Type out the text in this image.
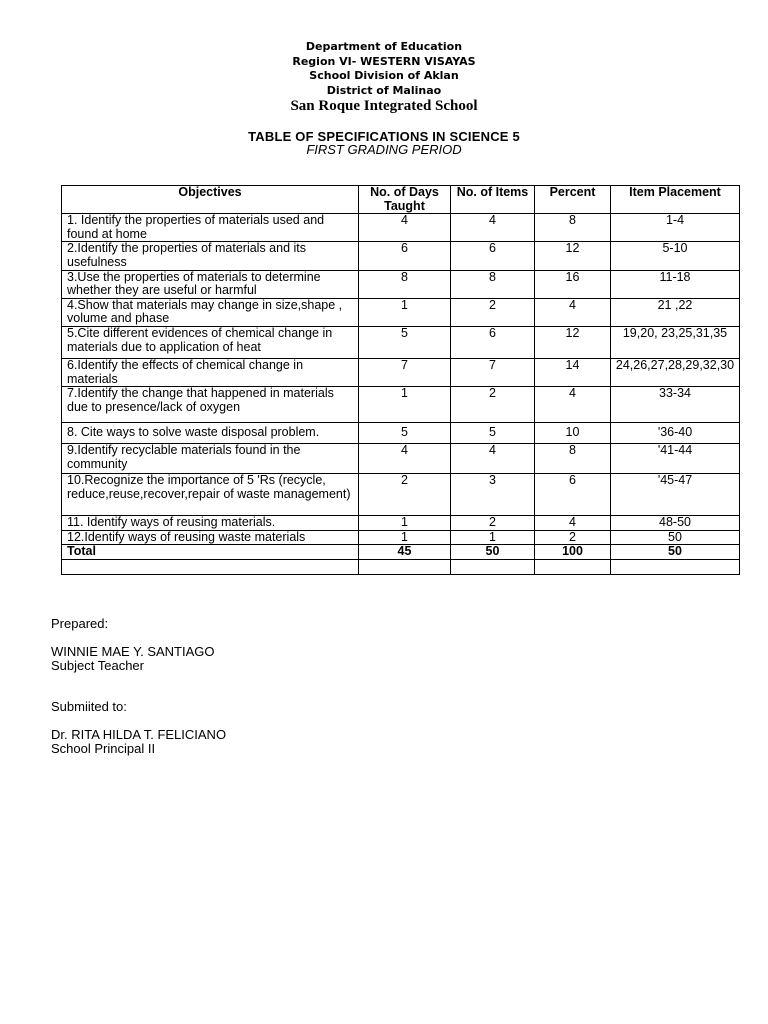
Department of Education
Region VI- WESTERN VISAYAS
School Division of Aklan
District of Malinao
San Roque Integrated School
TABLE OF SPECIFICATIONS IN SCIENCE 5
FIRST GRADING PERIOD
Objectives	No. of Days Taught	No. of Items	Percent	Item Placement
1. Identify the properties of materials used and found at home	4	4	8	1-4
2.Identify the properties of materials and its usefulness	6	6	12	5-10
3.Use the properties of materials to determine whether they are useful or harmful	8	8	16	11-18
4.Show that materials may change in size,shape , volume and phase	1	2	4	21 ,22
5.Cite different evidences of chemical change in materials due to application of heat	5	6	12	19,20, 23,25,31,35
6.Identify the effects of chemical change in materials	7	7	14	24,26,27,28,29,32,30
7.Identify the change that happened in materials due to presence/lack of oxygen	1	2	4	33-34
8. Cite ways to solve waste disposal problem.	5	5	10	'36-40
9.Identify recyclable materials found in the community	4	4	8	'41-44
10.Recognize the importance of 5 'Rs (recycle, reduce,reuse,recover,repair of waste management)	2	3	6	'45-47
11. Identify ways of reusing materials.	1	2	4	48-50
12.Identify ways of reusing waste materials	1	1	2	50
Total	45	50	100	50

Prepared:
WINNIE MAE Y. SANTIAGO
Subject Teacher
Submiited to:
Dr. RITA HILDA T. FELICIANO
School Principal II
